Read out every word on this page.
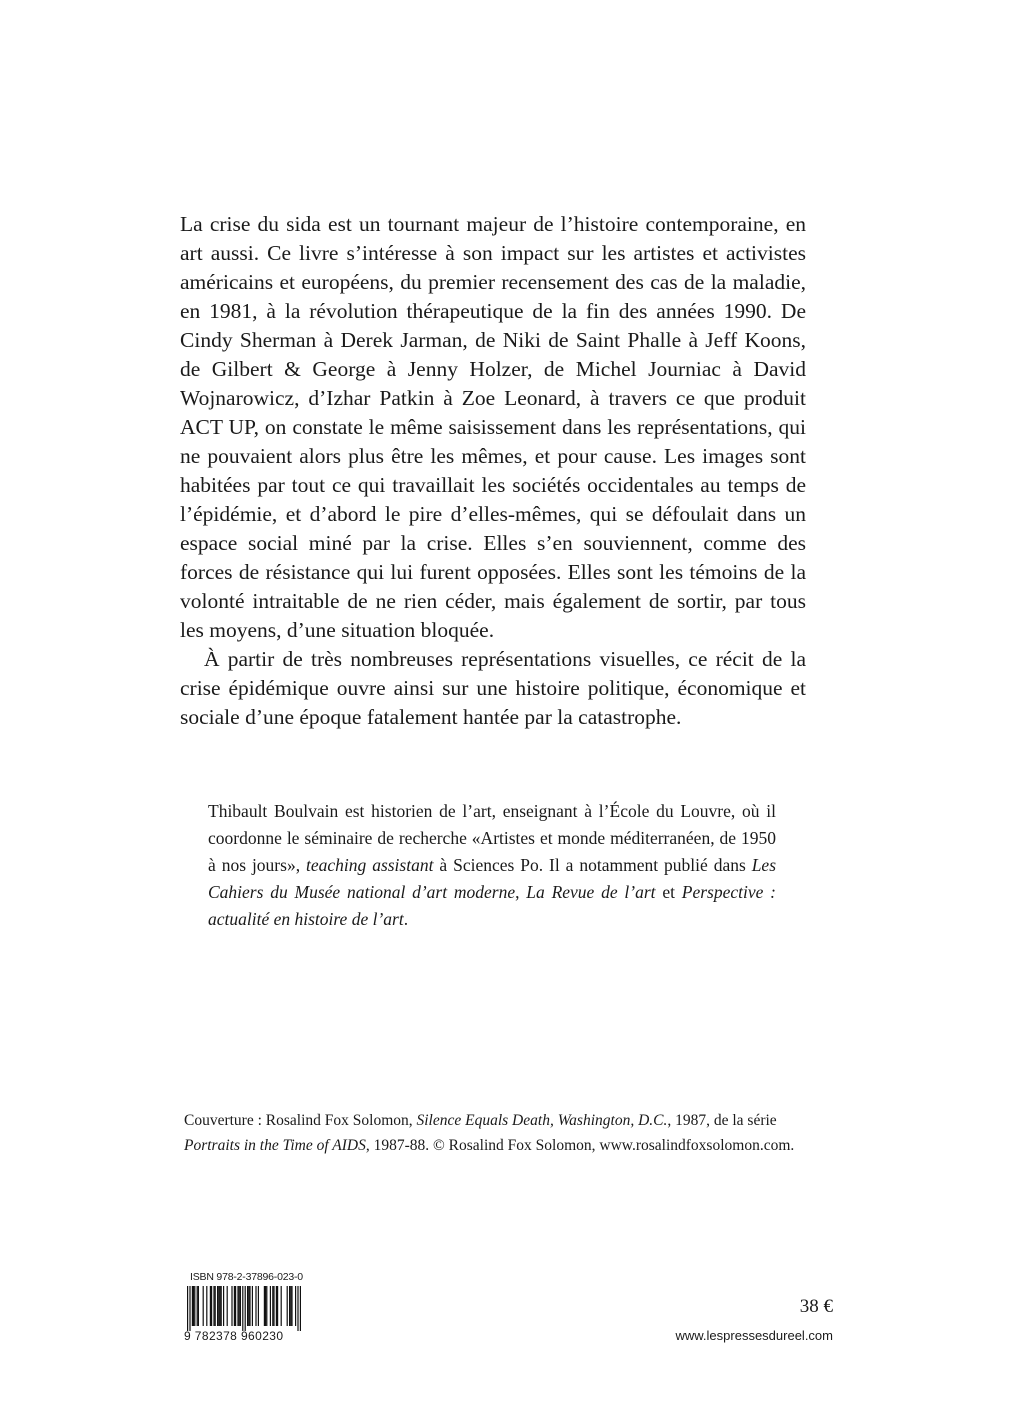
La crise du sida est un tournant majeur de l’histoire contemporaine, en art aussi. Ce livre s’intéresse à son impact sur les artistes et activistes américains et européens, du premier recensement des cas de la maladie, en 1981, à la révolution thérapeutique de la fin des années 1990. De Cindy Sherman à Derek Jarman, de Niki de Saint Phalle à Jeff Koons, de Gilbert & George à Jenny Holzer, de Michel Journiac à David Wojnarowicz, d’Izhar Patkin à Zoe Leonard, à travers ce que produit ACT UP, on constate le même saisissement dans les représentations, qui ne pouvaient alors plus être les mêmes, et pour cause. Les images sont habitées par tout ce qui travaillait les sociétés occidentales au temps de l’épidémie, et d’abord le pire d’elles-mêmes, qui se défoulait dans un espace social miné par la crise. Elles s’en souviennent, comme des forces de résistance qui lui furent opposées. Elles sont les témoins de la volonté intraitable de ne rien céder, mais également de sortir, par tous les moyens, d’une situation bloquée.

À partir de très nombreuses représentations visuelles, ce récit de la crise épidémique ouvre ainsi sur une histoire politique, économique et sociale d’une époque fatalement hantée par la catastrophe.

Thibault Boulvain est historien de l’art, enseignant à l’École du Louvre, où il coordonne le séminaire de recherche «Artistes et monde méditerranéen, de 1950 à nos jours», teaching assistant à Sciences Po. Il a notamment publié dans Les Cahiers du Musée national d’art moderne, La Revue de l’art et Perspective : actualité en histoire de l’art.
Couverture : Rosalind Fox Solomon, Silence Equals Death, Washington, D.C., 1987, de la série Portraits in the Time of AIDS, 1987-88. © Rosalind Fox Solomon, www.rosalindfoxsolomon.com.
ISBN 978-2-37896-023-0
9 782378 960230
38 €
www.lespressesdureel.com
